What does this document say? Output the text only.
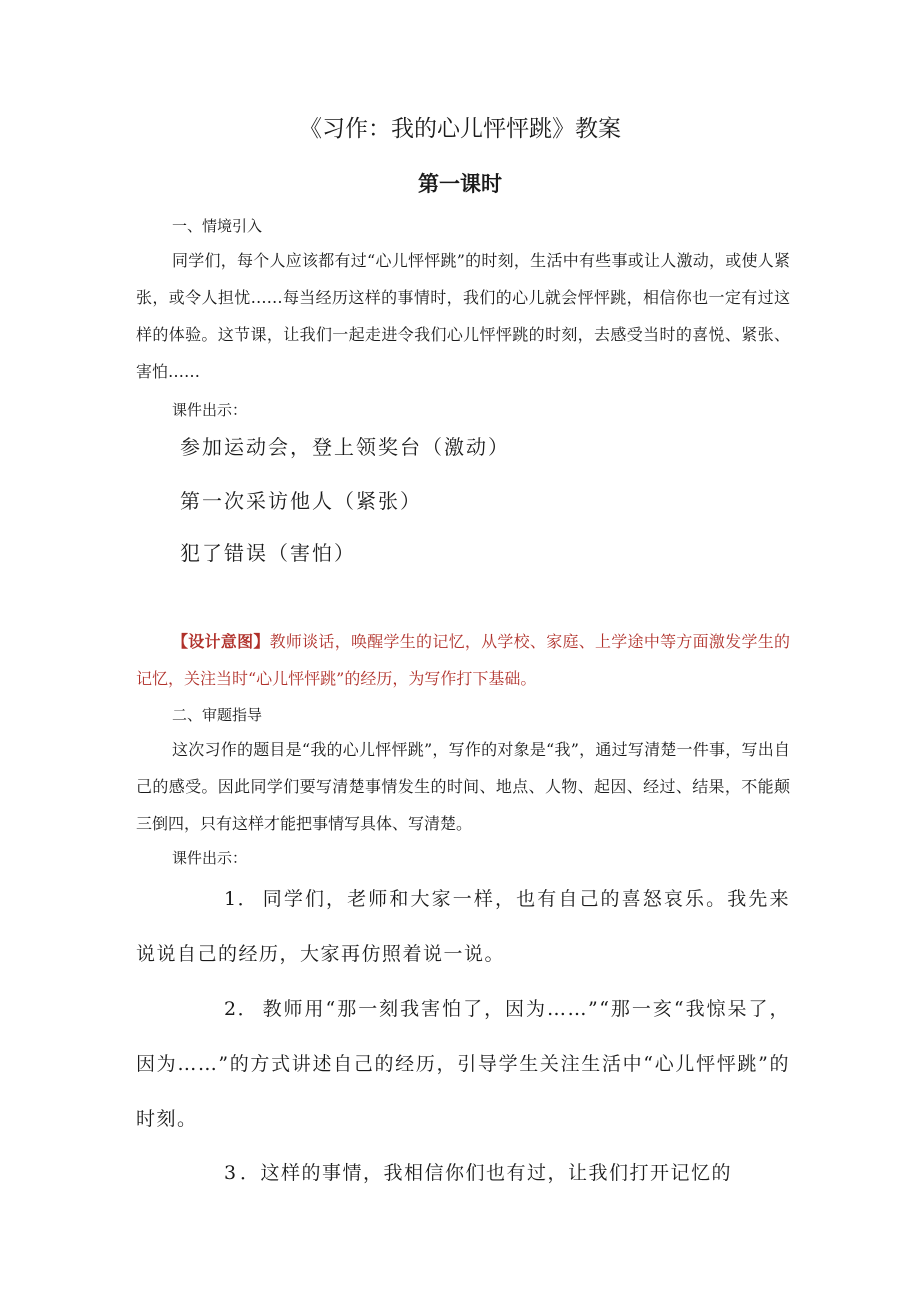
《习作：我的心儿怦怦跳》教案
第一课时
一、情境引入
同学们，每个人应该都有过“心儿怦怦跳”的时刻，生活中有些事或让人激动，或使人紧张，或令人担忧……每当经历这样的事情时，我们的心儿就会怦怦跳，相信你也一定有过这样的体验。这节课，让我们一起走进令我们心儿怦怦跳的时刻，去感受当时的喜悦、紧张、害怕……
课件出示：
参加运动会，登上领奖台（激动）
第一次采访他人（紧张）
犯了错误（害怕）
【设计意图】教师谈话，唤醒学生的记忆，从学校、家庭、上学途中等方面激发学生的记忆，关注当时“心儿怦怦跳”的经历，为写作打下基础。
二、审题指导
这次习作的题目是“我的心儿怦怦跳”，写作的对象是“我”，通过写清楚一件事，写出自己的感受。因此同学们要写清楚事情发生的时间、地点、人物、起因、经过、结果，不能颠三倒四，只有这样才能把事情写具体、写清楚。
课件出示：
1． 同学们，老师和大家一样，也有自己的喜怒哀乐。我先来说说自己的经历，大家再仿照着说一说。
2． 教师用“那一刻我害怕了，因为……”“那一亥“我惊呆了，因为……”的方式讲述自己的经历，引导学生关注生活中“心儿怦怦跳”的时刻。
3 ．这样的事情，我相信你们也有过，让我们打开记忆的
